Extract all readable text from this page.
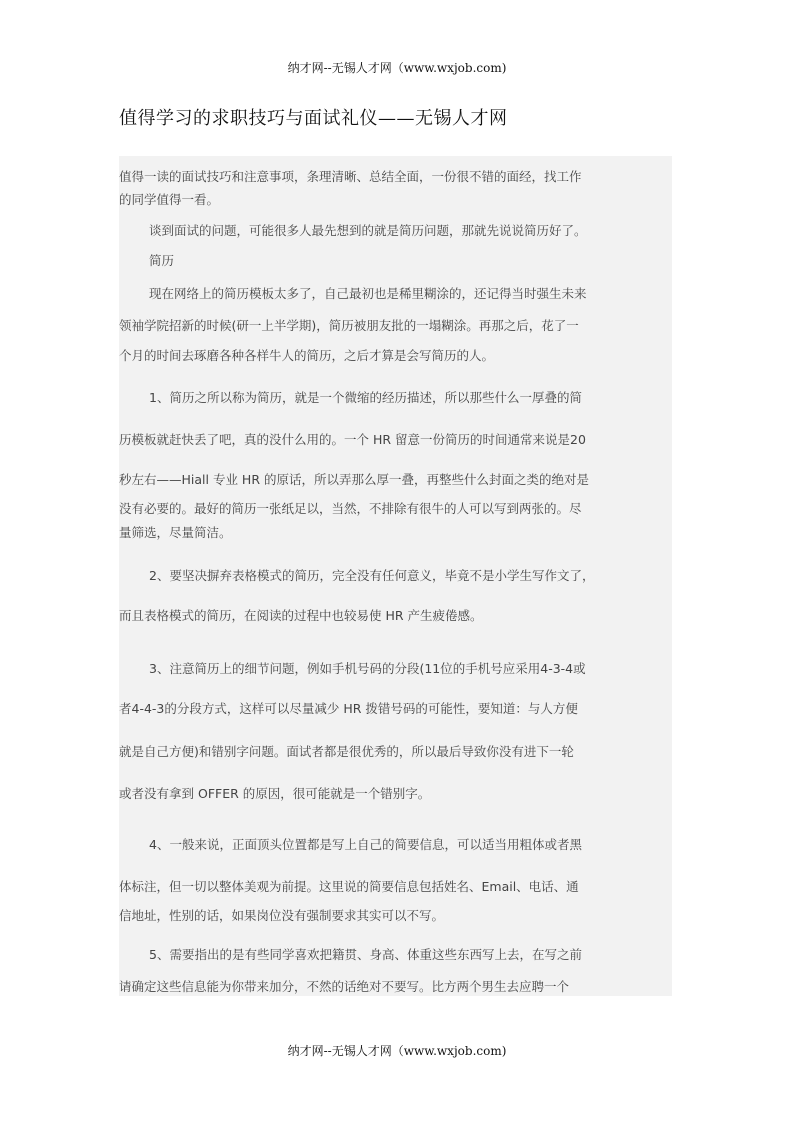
纳才网--无锡人才网（www.wxjob.com)
值得学习的求职技巧与面试礼仪——无锡人才网
值得一读的面试技巧和注意事项，条理清晰、总结全面，一份很不错的面经，找工作
的同学值得一看。
谈到面试的问题，可能很多人最先想到的就是简历问题，那就先说说简历好了。
简历
现在网络上的简历模板太多了，自己最初也是稀里糊涂的，还记得当时强生未来
领袖学院招新的时候(研一上半学期)，简历被朋友批的一塌糊涂。再那之后，花了一
个月的时间去琢磨各种各样牛人的简历，之后才算是会写简历的人。
1、简历之所以称为简历，就是一个微缩的经历描述，所以那些什么一厚叠的简
历模板就赶快丢了吧，真的没什么用的。一个 HR 留意一份简历的时间通常来说是20
秒左右——Hiall 专业 HR 的原话，所以弄那么厚一叠，再整些什么封面之类的绝对是
没有必要的。最好的简历一张纸足以，当然，不排除有很牛的人可以写到两张的。尽
量筛选，尽量简洁。
2、要坚决摒弃表格模式的简历，完全没有任何意义，毕竟不是小学生写作文了，
而且表格模式的简历，在阅读的过程中也较易使 HR 产生疲倦感。
3、注意简历上的细节问题，例如手机号码的分段(11位的手机号应采用4-3-4或
者4-4-3的分段方式，这样可以尽量减少 HR 拨错号码的可能性，要知道：与人方便
就是自己方便)和错别字问题。面试者都是很优秀的，所以最后导致你没有进下一轮
或者没有拿到 OFFER 的原因，很可能就是一个错别字。
4、一般来说，正面顶头位置都是写上自己的简要信息，可以适当用粗体或者黑
体标注，但一切以整体美观为前提。这里说的简要信息包括姓名、Email、电话、通
信地址，性别的话，如果岗位没有强制要求其实可以不写。
5、需要指出的是有些同学喜欢把籍贯、身高、体重这些东西写上去，在写之前
请确定这些信息能为你带来加分，不然的话绝对不要写。比方两个男生去应聘一个
纳才网--无锡人才网（www.wxjob.com)
